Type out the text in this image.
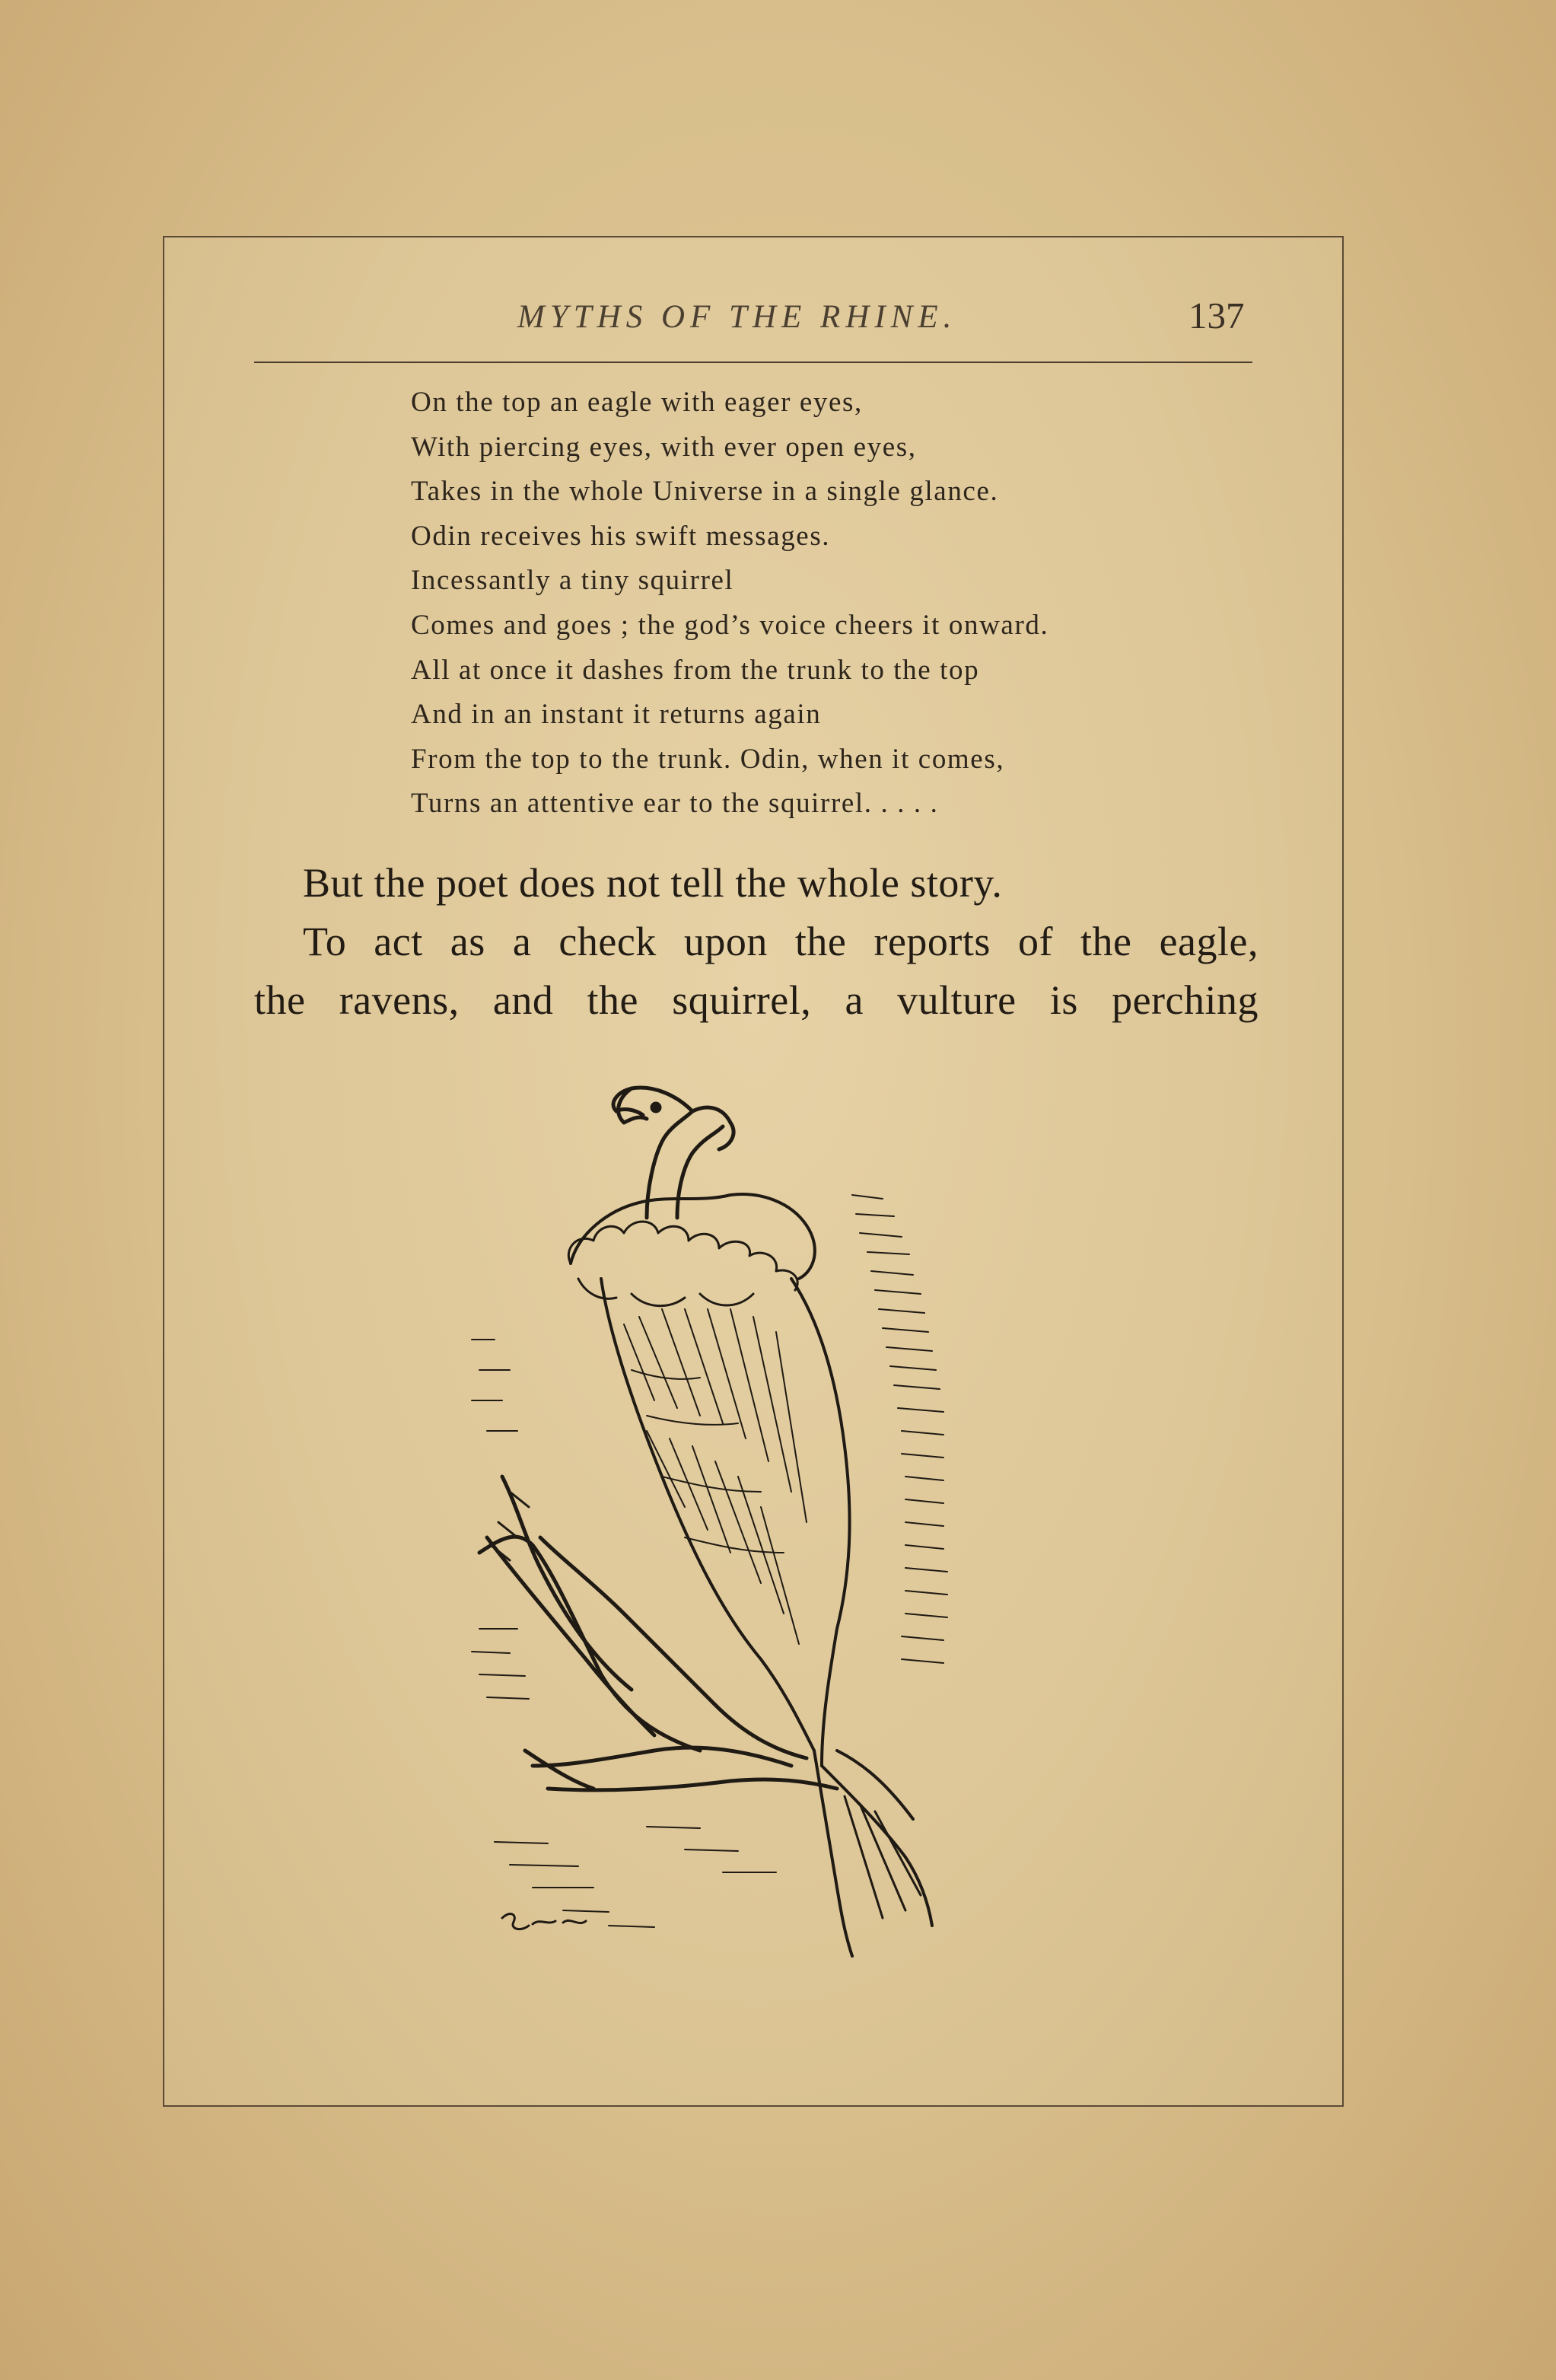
MYTHS OF THE RHINE.	137
On the top an eagle with eager eyes,
With piercing eyes, with ever open eyes,
Takes in the whole Universe in a single glance.
Odin receives his swift messages.
Incessantly a tiny squirrel
Comes and goes ; the god’s voice cheers it onward.
All at once it dashes from the trunk to the top
And in an instant it returns again
From the top to the trunk. Odin, when it comes,
Turns an attentive ear to the squirrel. . . . .

But the poet does not tell the whole story.

To act as a check upon the reports of the eagle,

the ravens, and the squirrel, a vulture is perching
